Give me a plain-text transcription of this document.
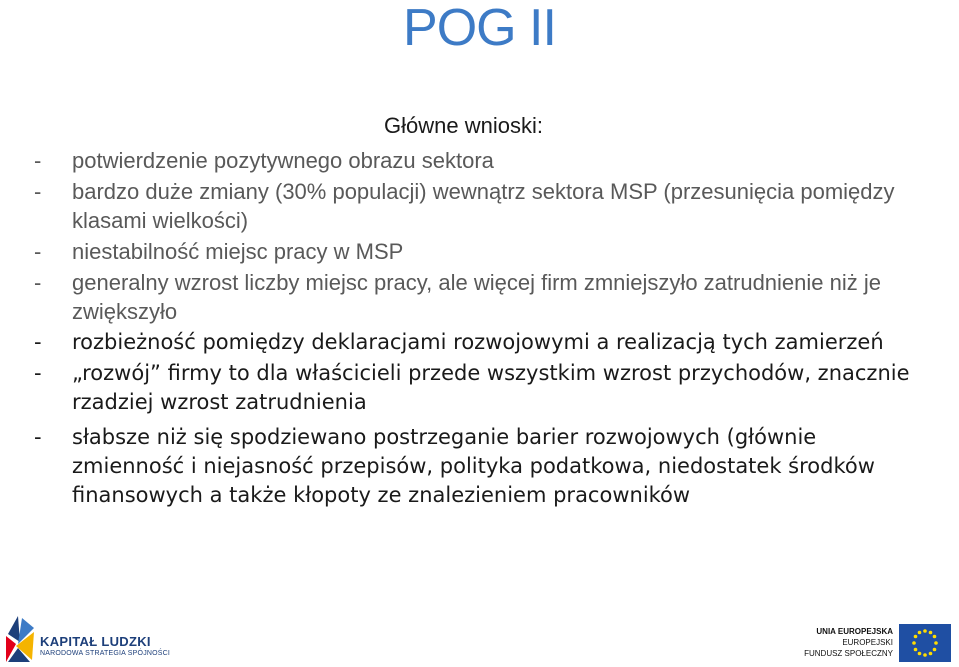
POG II
Główne wnioski:
- potwierdzenie pozytywnego obrazu sektora
- bardzo duże zmiany (30% populacji) wewnątrz sektora MSP (przesunięcia pomiędzy klasami wielkości)
- niestabilność miejsc pracy w MSP
- generalny wzrost liczby miejsc pracy, ale więcej firm zmniejszyło zatrudnienie niż je zwiększyło
- rozbieżność pomiędzy deklaracjami rozwojowymi a realizacją tych zamierzeń
- „rozwój” firmy to dla właścicieli przede wszystkim wzrost przychodów, znacznie rzadziej wzrost zatrudnienia
- słabsze niż się spodziewano postrzeganie barier rozwojowych (głównie zmienność i niejasność przepisów, polityka podatkowa, niedostatek środków finansowych a także kłopoty ze znalezieniem pracowników
KAPITAŁ LUDZKI
NARODOWA STRATEGIA SPÓJNOŚCI
UNIA EUROPEJSKA
EUROPEJSKI
FUNDUSZ SPOŁECZNY
